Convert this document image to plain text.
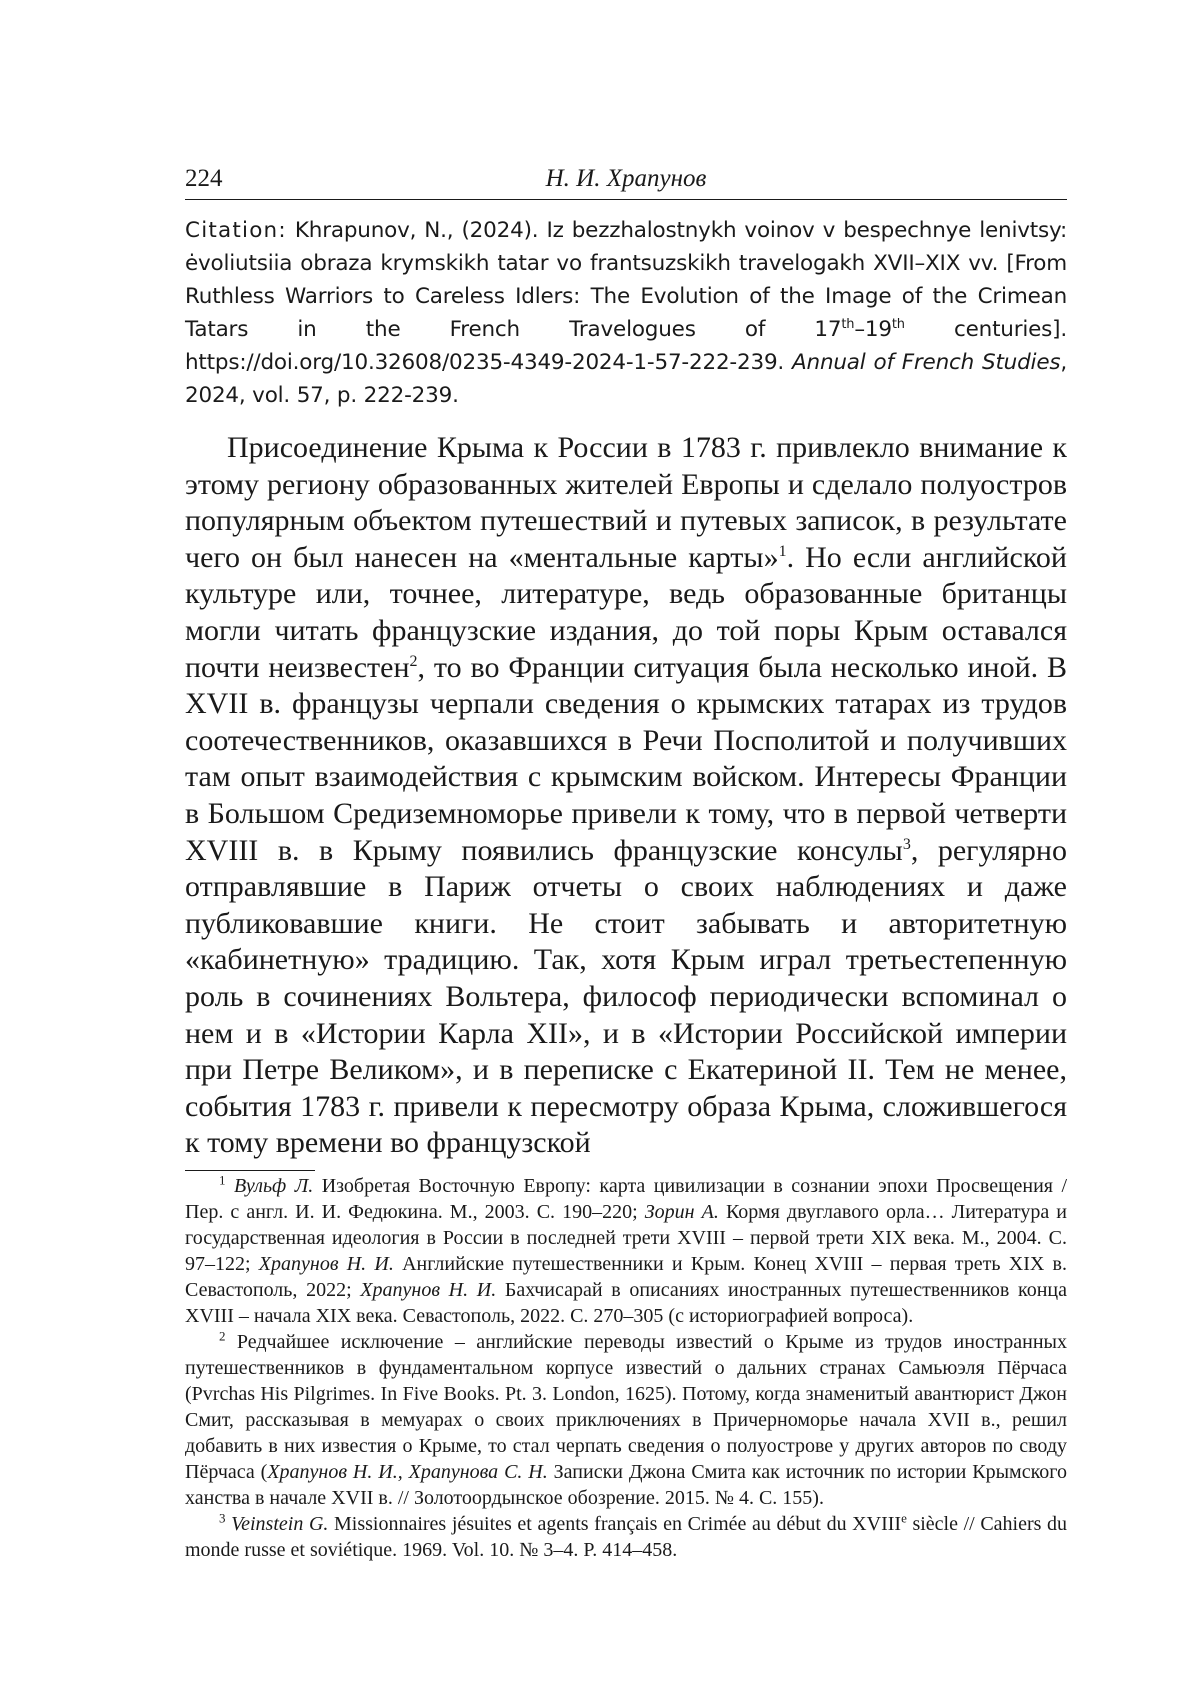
224	Н. И. Храпунов
Citation: Khrapunov, N., (2024). Iz bezzhalostnykh voinov v bespechnye lenivtsy: ėvoliutsiia obraza krymskikh tatar vo frantsuzskikh travelogakh XVII–XIX vv. [From Ruthless Warriors to Careless Idlers: The Evolution of the Image of the Crimean Tatars in the French Travelogues of 17th–19th centuries]. https://doi.org/10.32608/0235-4349-2024-1-57-222-239. Annual of French Studies, 2024, vol. 57, p. 222-239.

Присоединение Крыма к России в 1783 г. привлекло внимание к этому региону образованных жителей Европы и сделало полуостров популярным объектом путешествий и путевых записок, в результате чего он был нанесен на «ментальные карты»$^1$. Но если английской культуре или, точнее, литературе, ведь образованные британцы могли читать французские издания, до той поры Крым оставался почти неизвестен$^2$, то во Франции ситуация была несколько иной. В XVII в. французы черпали сведения о крымских татарах из трудов соотечественников, оказавшихся в Речи Посполитой и получивших там опыт взаимодействия с крымским войском. Интересы Франции в Большом Средиземноморье привели к тому, что в первой четверти XVIII в. в Крыму появились французские консулы$^3$, регулярно отправлявшие в Париж отчеты о своих наблюдениях и даже публиковавшие книги. Не стоит забывать и авторитетную «кабинетную» традицию. Так, хотя Крым играл третьестепенную роль в сочинениях Вольтера, философ периодически вспоминал о нем и в «Истории Карла XII», и в «Истории Российской империи при Петре Великом», и в переписке с Екатериной II. Тем не менее, события 1783 г. привели к пересмотру образа Крыма, сложившегося к тому времени во французской

$^1$ Вульф Л. Изобретая Восточную Европу: карта цивилизации в сознании эпохи Просвещения / Пер. с англ. И. И. Федюкина. М., 2003. С. 190–220; Зорин А. Кормя двуглавого орла… Литература и государственная идеология в России в последней трети XVIII – первой трети XIX века. М., 2004. С. 97–122; Храпунов Н. И. Английские путешественники и Крым. Конец XVIII – первая треть XIX в. Севастополь, 2022; Храпунов Н. И. Бахчисарай в описаниях иностранных путешественников конца XVIII – начала XIX века. Севастополь, 2022. С. 270–305 (с историографией вопроса).

$^2$ Редчайшее исключение – английские переводы известий о Крыме из трудов иностранных путешественников в фундаментальном корпусе известий о дальних странах Самьюэля Пёрчаса (Pvrchas His Pilgrimes. In Five Books. Pt. 3. London, 1625). Потому, когда знаменитый авантюрист Джон Смит, рассказывая в мемуарах о своих приключениях в Причерноморье начала XVII в., решил добавить в них известия о Крыме, то стал черпать сведения о полуострове у других авторов по своду Пёрчаса (Храпунов Н. И., Храпунова С. Н. Записки Джона Смита как источник по истории Крымского ханства в начале XVII в. // Золотоордынское обозрение. 2015. № 4. С. 155).

$^3$ Veinstein G. Missionnaires jésuites et agents français en Crimée au début du XVIIIe siècle // Cahiers du monde russe et soviétique. 1969. Vol. 10. № 3–4. P. 414–458.
